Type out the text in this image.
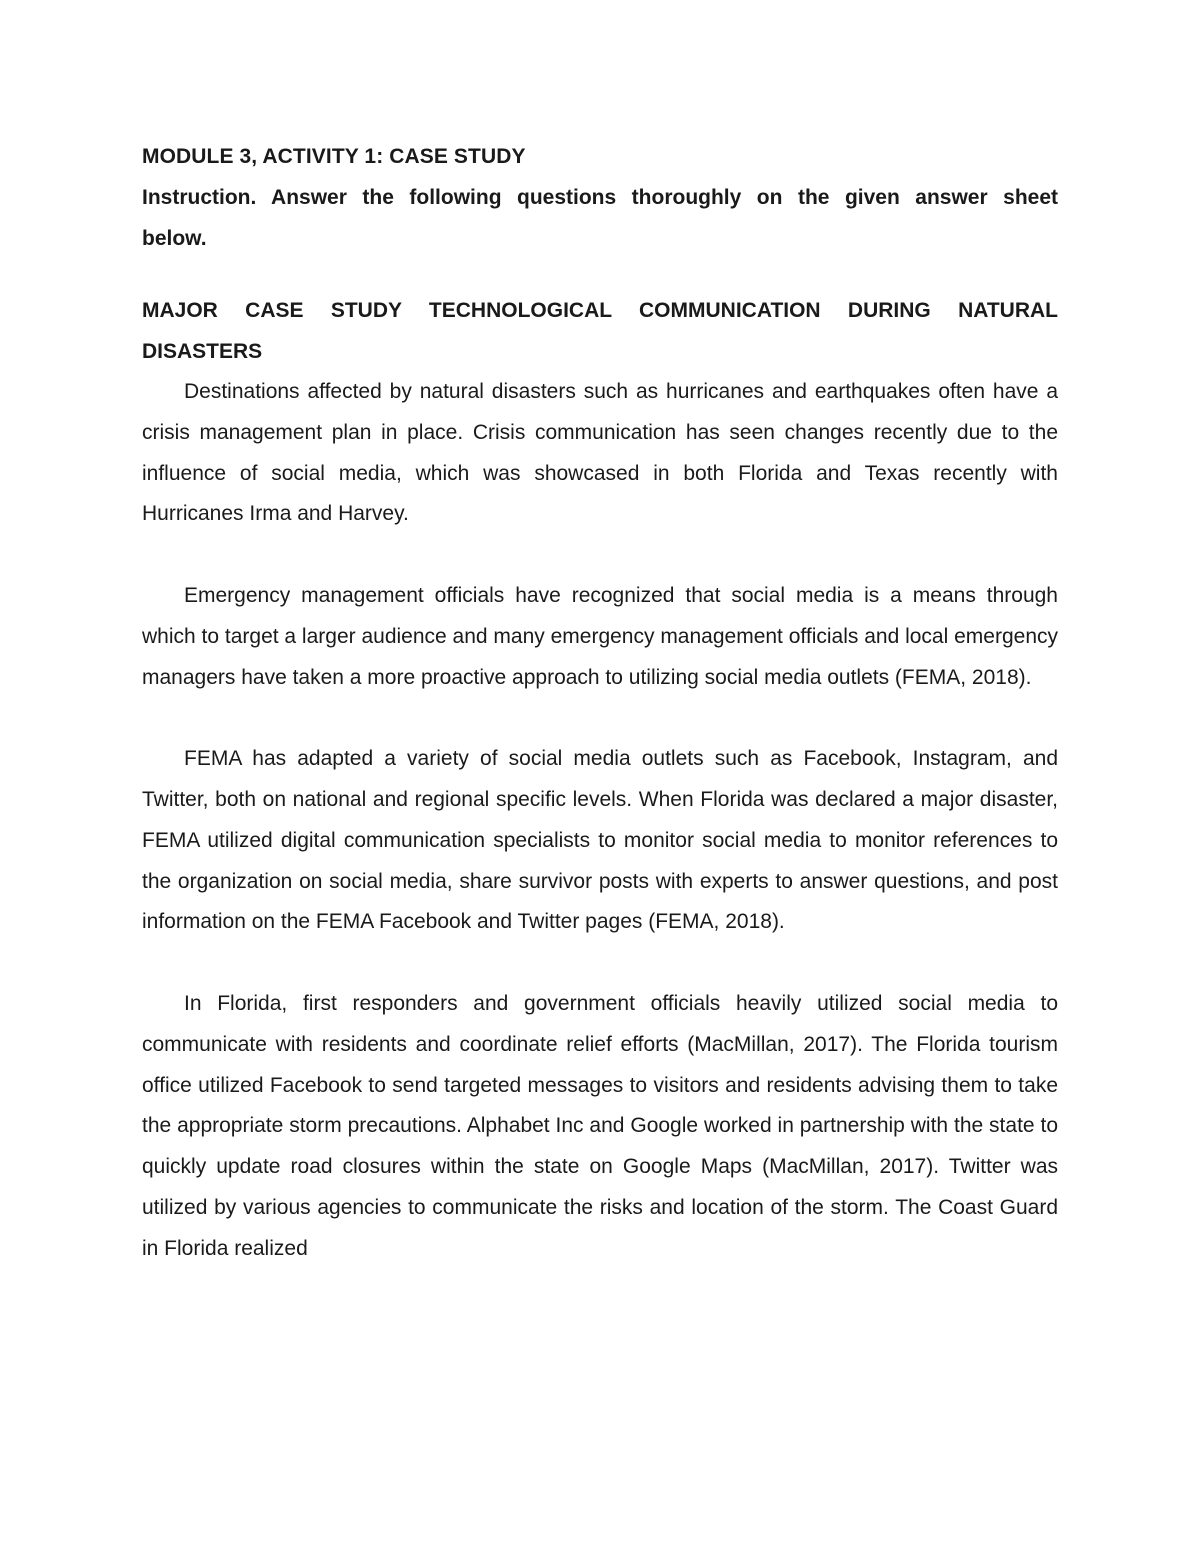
MODULE 3, ACTIVITY 1: CASE STUDY

Instruction. Answer the following questions thoroughly on the given answer sheet below.

MAJOR CASE STUDY TECHNOLOGICAL COMMUNICATION DURING NATURAL DISASTERS

Destinations affected by natural disasters such as hurricanes and earthquakes often have a crisis management plan in place. Crisis communication has seen changes recently due to the influence of social media, which was showcased in both Florida and Texas recently with Hurricanes Irma and Harvey.

Emergency management officials have recognized that social media is a means through which to target a larger audience and many emergency management officials and local emergency managers have taken a more proactive approach to utilizing social media outlets (FEMA, 2018).

FEMA has adapted a variety of social media outlets such as Facebook, Instagram, and Twitter, both on national and regional specific levels. When Florida was declared a major disaster, FEMA utilized digital communication specialists to monitor social media to monitor references to the organization on social media, share survivor posts with experts to answer questions, and post information on the FEMA Facebook and Twitter pages (FEMA, 2018).

In Florida, first responders and government officials heavily utilized social media to communicate with residents and coordinate relief efforts (MacMillan, 2017). The Florida tourism office utilized Facebook to send targeted messages to visitors and residents advising them to take the appropriate storm precautions. Alphabet Inc and Google worked in partnership with the state to quickly update road closures within the state on Google Maps (MacMillan, 2017). Twitter was utilized by various agencies to communicate the risks and location of the storm. The Coast Guard in Florida realized
